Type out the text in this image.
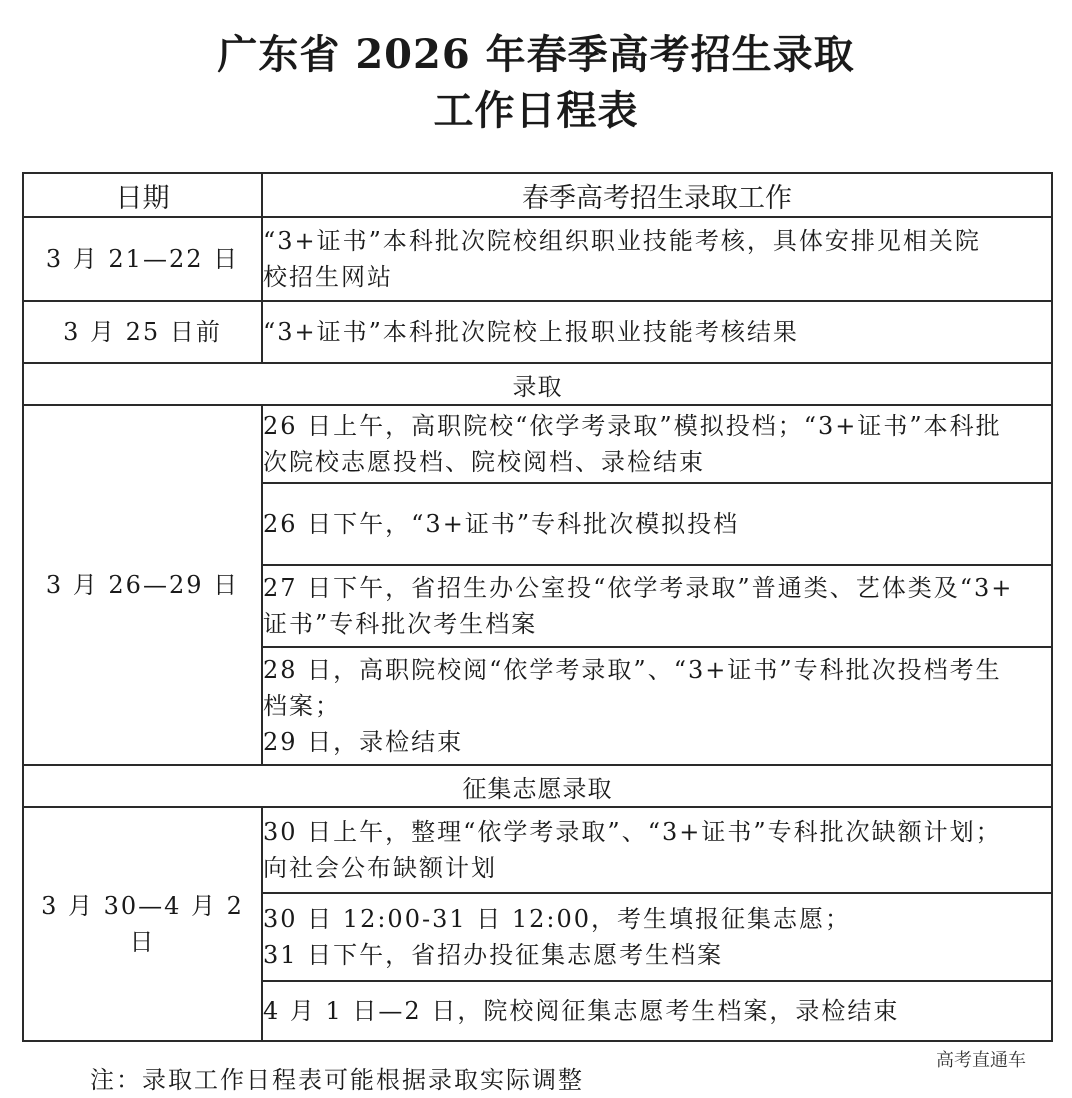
广东省 2026 年春季高考招生录取
工作日程表
日期	春季高考招生录取工作
3 月 21—22 日	“3+证书”本科批次院校组织职业技能考核，具体安排见相关院
校招生网站

3 月 25 日前	“3+证书”本科批次院校上报职业技能考核结果

录取	
3 月 26—29 日	26 日上午，高职院校“依学考录取”模拟投档；“3+证书”本科批
次院校志愿投档、院校阅档、录检结束

	26 日下午，“3+证书”专科批次模拟投档

	27 日下午，省招生办公室投“依学考录取”普通类、艺体类及“3+
证书”专科批次考生档案

	28 日，高职院校阅“依学考录取”、“3+证书”专科批次投档考生
档案；
29 日，录检结束

征集志愿录取	

3 月 30—4 月 2
日	30 日上午，整理“依学考录取”、“3+证书”专科批次缺额计划；
向社会公布缺额计划

	30 日 12:00-31 日 12:00，考生填报征集志愿；
31 日下午，省招办投征集志愿考生档案

	4 月 1 日—2 日，院校阅征集志愿考生档案，录检结束
高考直通车
注：录取工作日程表可能根据录取实际调整
